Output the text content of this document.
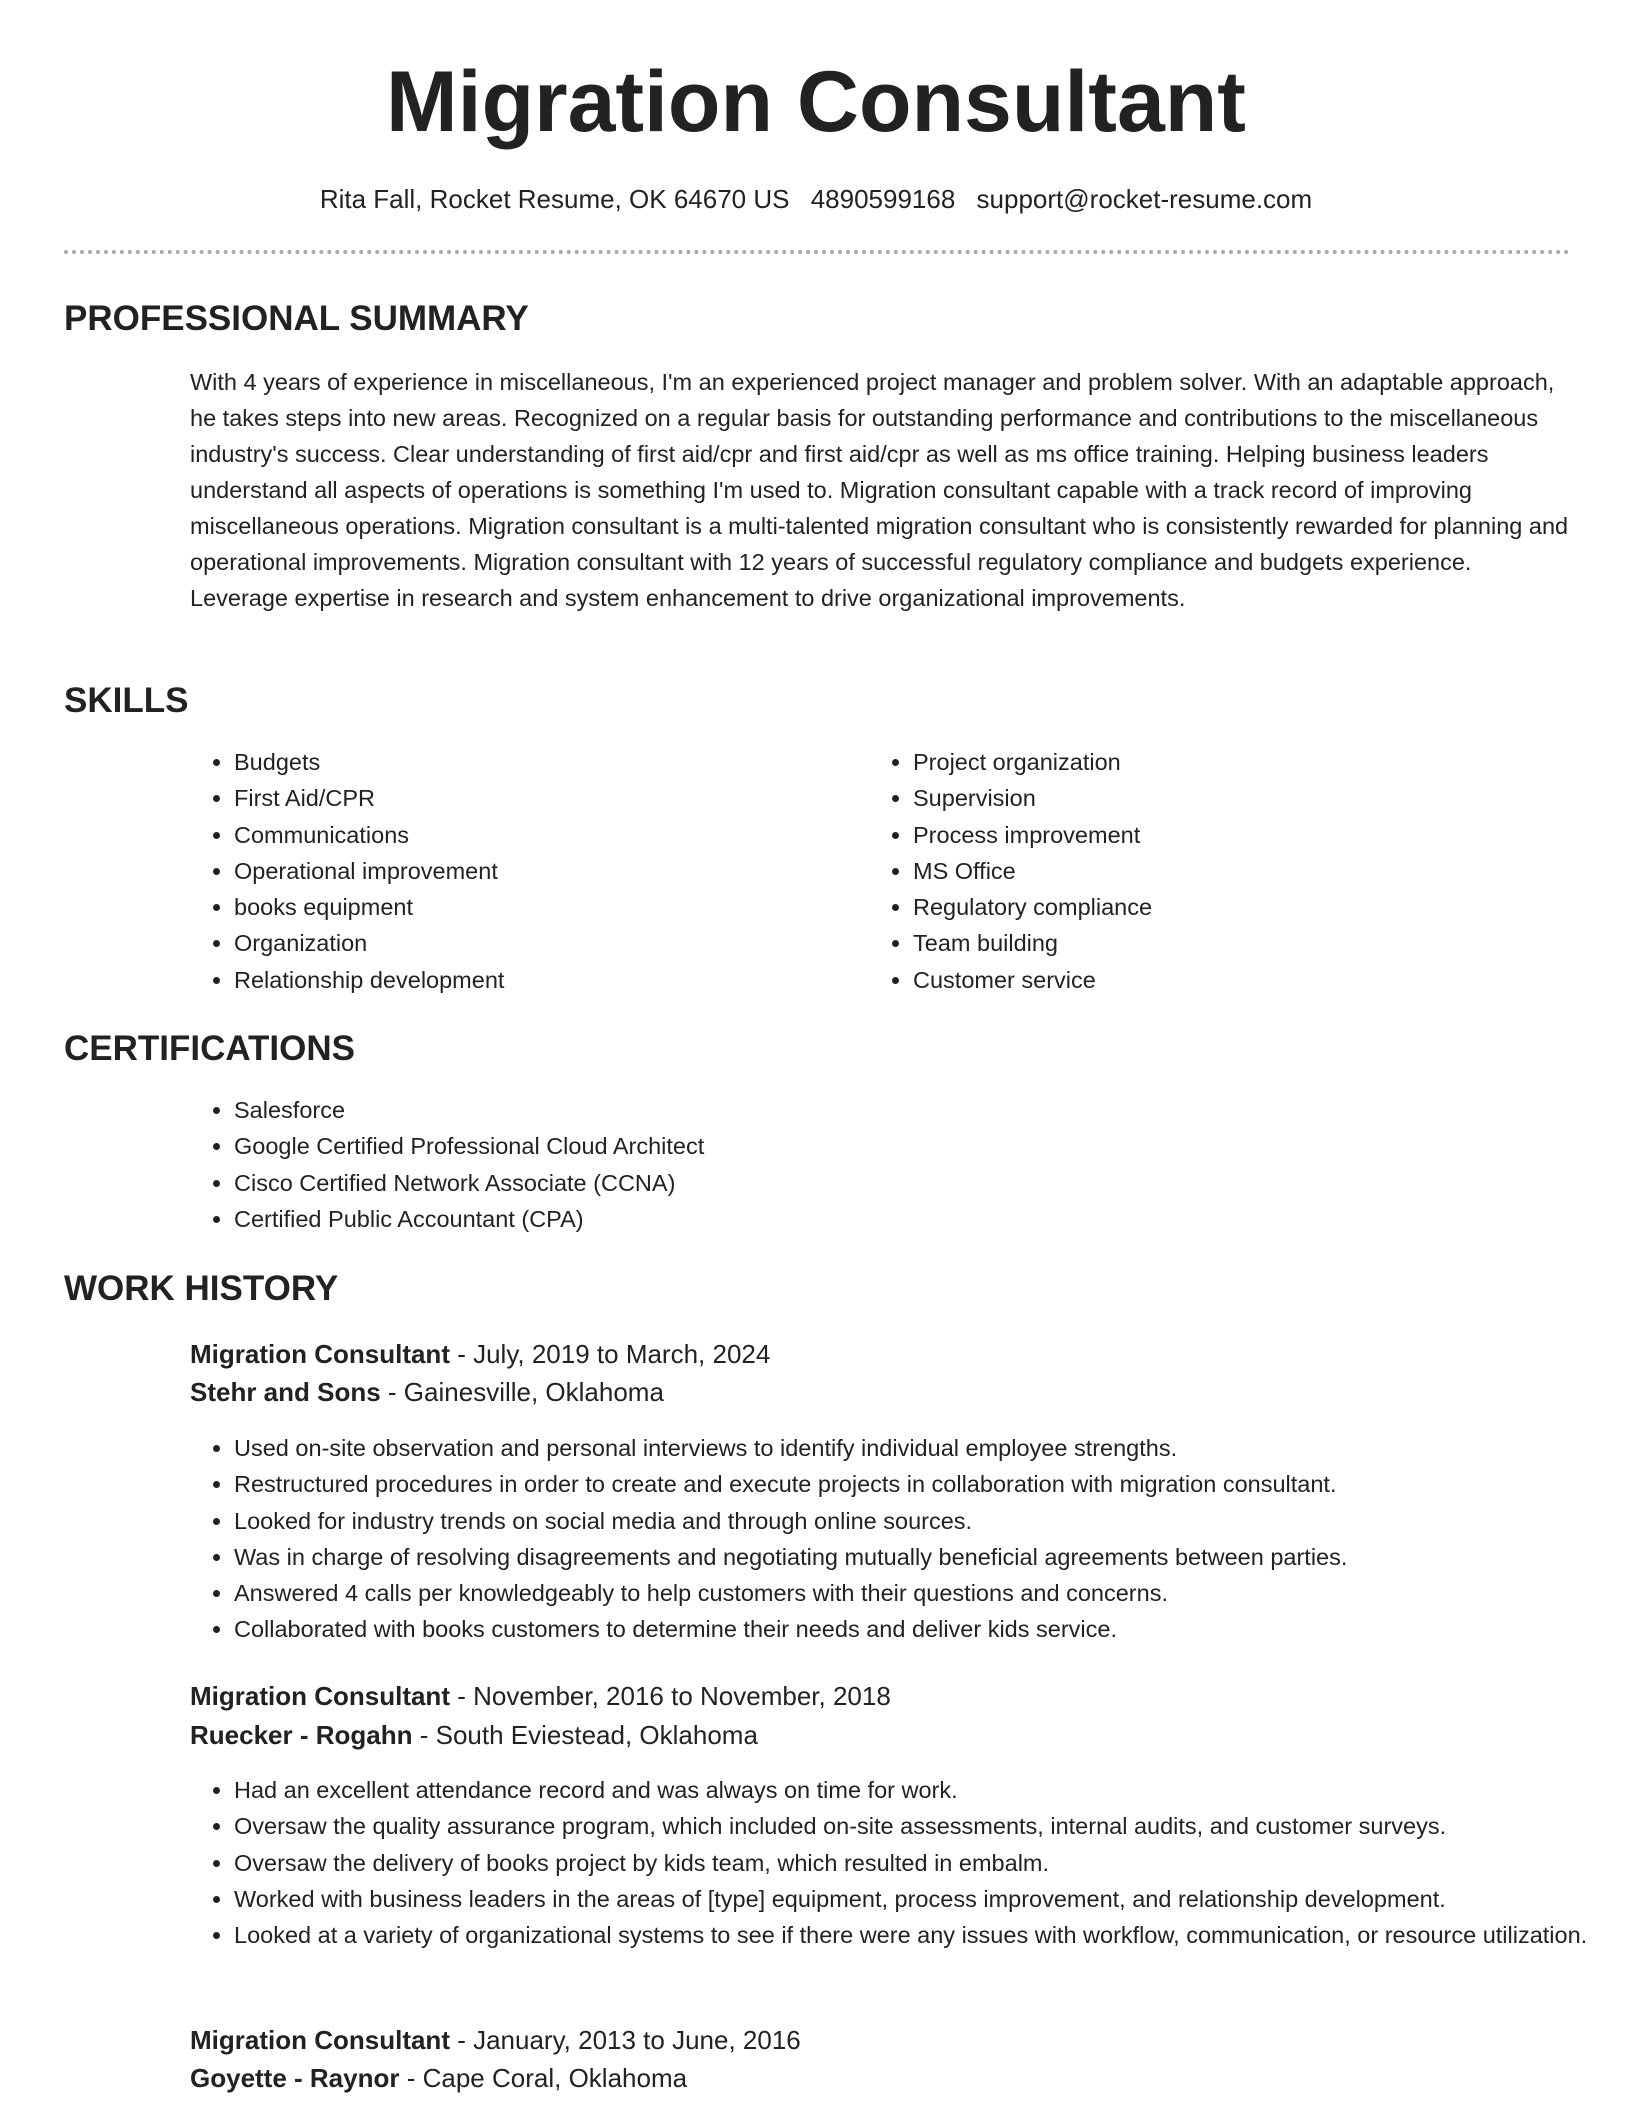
Migration Consultant
Rita Fall, Rocket Resume, OK 64670 US 4890599168 support@rocket-resume.com
PROFESSIONAL SUMMARY

With 4 years of experience in miscellaneous, I'm an experienced project manager and problem solver. With an adaptable approach, he takes steps into new areas. Recognized on a regular basis for outstanding performance and contributions to the miscellaneous industry's success. Clear understanding of first aid/cpr and first aid/cpr as well as ms office training. Helping business leaders understand all aspects of operations is something I'm used to. Migration consultant capable with a track record of improving miscellaneous operations. Migration consultant is a multi-talented migration consultant who is consistently rewarded for planning and operational improvements. Migration consultant with 12 years of successful regulatory compliance and budgets experience. Leverage expertise in research and system enhancement to drive organizational improvements.

SKILLS
• Budgets
• First Aid/CPR
• Communications
• Operational improvement
• books equipment
• Organization
• Relationship development
• Project organization
• Supervision
• Process improvement
• MS Office
• Regulatory compliance
• Team building
• Customer service
CERTIFICATIONS
• Salesforce
• Google Certified Professional Cloud Architect
• Cisco Certified Network Associate (CCNA)
• Certified Public Accountant (CPA)
WORK HISTORY
Migration Consultant - July, 2019 to March, 2024
Stehr and Sons - Gainesville, Oklahoma
• Used on-site observation and personal interviews to identify individual employee strengths.
• Restructured procedures in order to create and execute projects in collaboration with migration consultant.
• Looked for industry trends on social media and through online sources.
• Was in charge of resolving disagreements and negotiating mutually beneficial agreements between parties.
• Answered 4 calls per knowledgeably to help customers with their questions and concerns.
• Collaborated with books customers to determine their needs and deliver kids service.
Migration Consultant - November, 2016 to November, 2018
Ruecker - Rogahn - South Eviestead, Oklahoma
• Had an excellent attendance record and was always on time for work.
• Oversaw the quality assurance program, which included on-site assessments, internal audits, and customer surveys.
• Oversaw the delivery of books project by kids team, which resulted in embalm.
• Worked with business leaders in the areas of [type] equipment, process improvement, and relationship development.
• Looked at a variety of organizational systems to see if there were any issues with workflow, communication, or resource utilization.
Migration Consultant - January, 2013 to June, 2016
Goyette - Raynor - Cape Coral, Oklahoma
